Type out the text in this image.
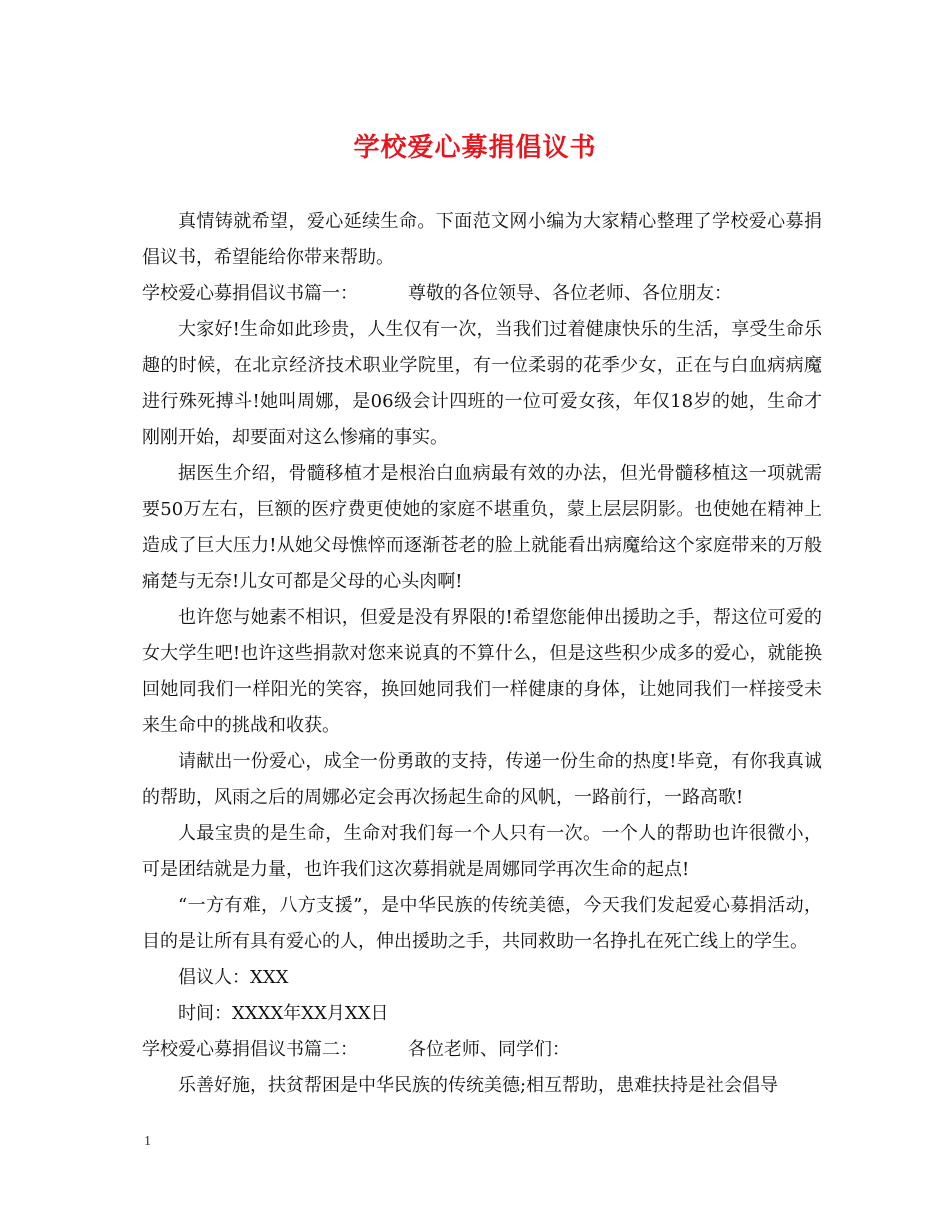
学校爱心募捐倡议书

真情铸就希望，爱心延续生命。下面范文网小编为大家精心整理了学校爱心募捐倡议书，希望能给你带来帮助。

学校爱心募捐倡议书篇一：	尊敬的各位领导、各位老师、各位朋友：

大家好!生命如此珍贵，人生仅有一次，当我们过着健康快乐的生活，享受生命乐趣的时候，在北京经济技术职业学院里，有一位柔弱的花季少女，正在与白血病病魔进行殊死搏斗!她叫周娜，是06级会计四班的一位可爱女孩，年仅18岁的她，生命才刚刚开始，却要面对这么惨痛的事实。

据医生介绍，骨髓移植才是根治白血病最有效的办法，但光骨髓移植这一项就需要50万左右，巨额的医疗费更使她的家庭不堪重负，蒙上层层阴影。也使她在精神上造成了巨大压力!从她父母憔悴而逐渐苍老的脸上就能看出病魔给这个家庭带来的万般痛楚与无奈!儿女可都是父母的心头肉啊!

也许您与她素不相识，但爱是没有界限的!希望您能伸出援助之手，帮这位可爱的女大学生吧!也许这些捐款对您来说真的不算什么，但是这些积少成多的爱心，就能换回她同我们一样阳光的笑容，换回她同我们一样健康的身体，让她同我们一样接受未来生命中的挑战和收获。

请献出一份爱心，成全一份勇敢的支持，传递一份生命的热度!毕竟，有你我真诚的帮助，风雨之后的周娜必定会再次扬起生命的风帆，一路前行，一路高歌!

人最宝贵的是生命，生命对我们每一个人只有一次。一个人的帮助也许很微小，可是团结就是力量，也许我们这次募捐就是周娜同学再次生命的起点!

“一方有难，八方支援”，是中华民族的传统美德，今天我们发起爱心募捐活动，目的是让所有具有爱心的人，伸出援助之手，共同救助一名挣扎在死亡线上的学生。

倡议人：XXX

时间：XXXX年XX月XX日

学校爱心募捐倡议书篇二：	各位老师、同学们：

乐善好施，扶贫帮困是中华民族的传统美德;相互帮助，患难扶持是社会倡导

1
